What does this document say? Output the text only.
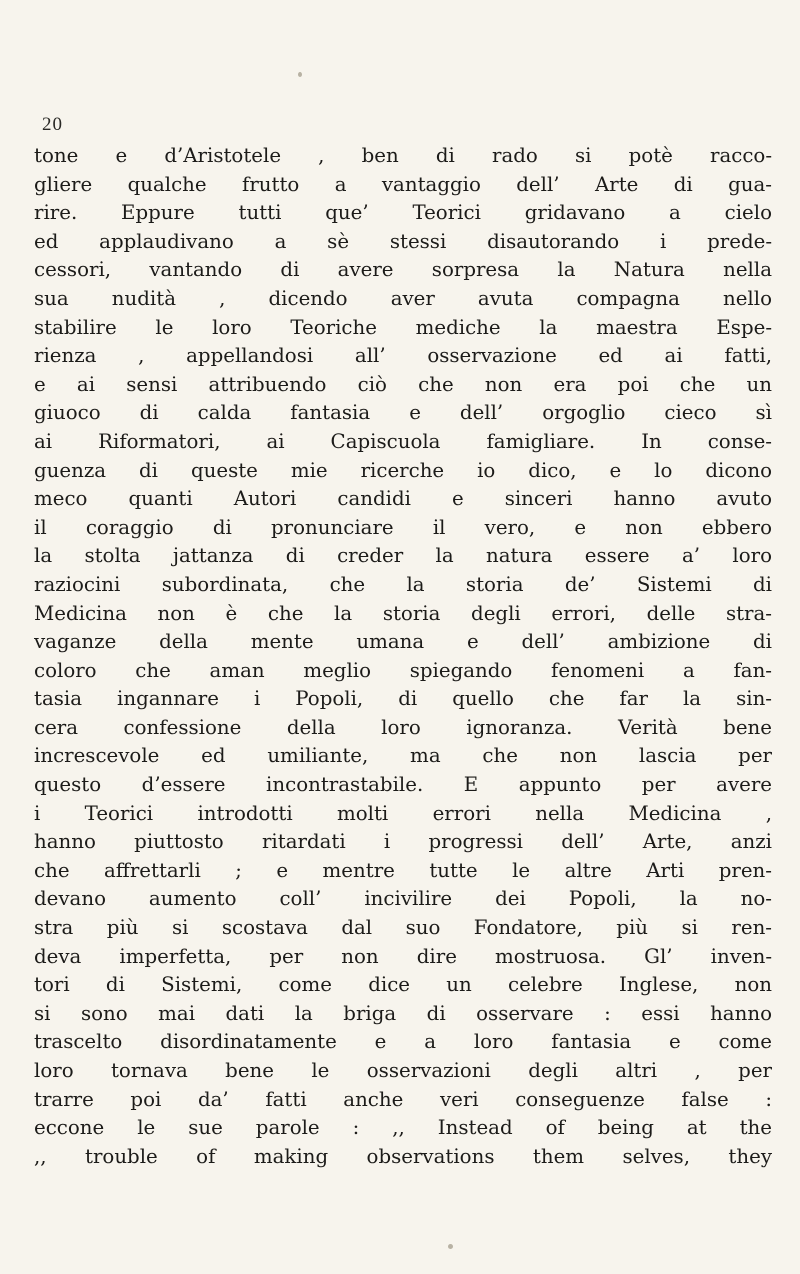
20
tone e d’Aristotele , ben di rado si potè racco-
gliere qualche frutto a vantaggio dell’ Arte di gua-
rire. Eppure tutti que’ Teorici gridavano a cielo
ed applaudivano a sè stessi disautorando i prede-
cessori, vantando di avere sorpresa la Natura nella
sua nudità , dicendo aver avuta compagna nello
stabilire le loro Teoriche mediche la maestra Espe-
rienza , appellandosi all’ osservazione ed ai fatti,
e ai sensi attribuendo ciò che non era poi che un
giuoco di calda fantasia e dell’ orgoglio cieco sì
ai Riformatori, ai Capiscuola famigliare. In conse-
guenza di queste mie ricerche io dico, e lo dicono
meco quanti Autori candidi e sinceri hanno avuto
il coraggio di pronunciare il vero, e non ebbero
la stolta jattanza di creder la natura essere a’ loro
raziocini subordinata, che la storia de’ Sistemi di
Medicina non è che la storia degli errori, delle stra-
vaganze della mente umana e dell’ ambizione di
coloro che aman meglio spiegando fenomeni a fan-
tasia ingannare i Popoli, di quello che far la sin-
cera confessione della loro ignoranza. Verità bene
increscevole ed umiliante, ma che non lascia per
questo d’essere incontrastabile. E appunto per avere
i Teorici introdotti molti errori nella Medicina ,
hanno piuttosto ritardati i progressi dell’ Arte, anzi
che affrettarli ; e mentre tutte le altre Arti pren-
devano aumento coll’ incivilire dei Popoli, la no-
stra più si scostava dal suo Fondatore, più si ren-
deva imperfetta, per non dire mostruosa. Gl’ inven-
tori di Sistemi, come dice un celebre Inglese, non
si sono mai dati la briga di osservare : essi hanno
trascelto disordinatamente e a loro fantasia e come
loro tornava bene le osservazioni degli altri , per
trarre poi da’ fatti anche veri conseguenze false :
eccone le sue parole : ,, Instead of being at the
,, trouble of making observations them selves, they
